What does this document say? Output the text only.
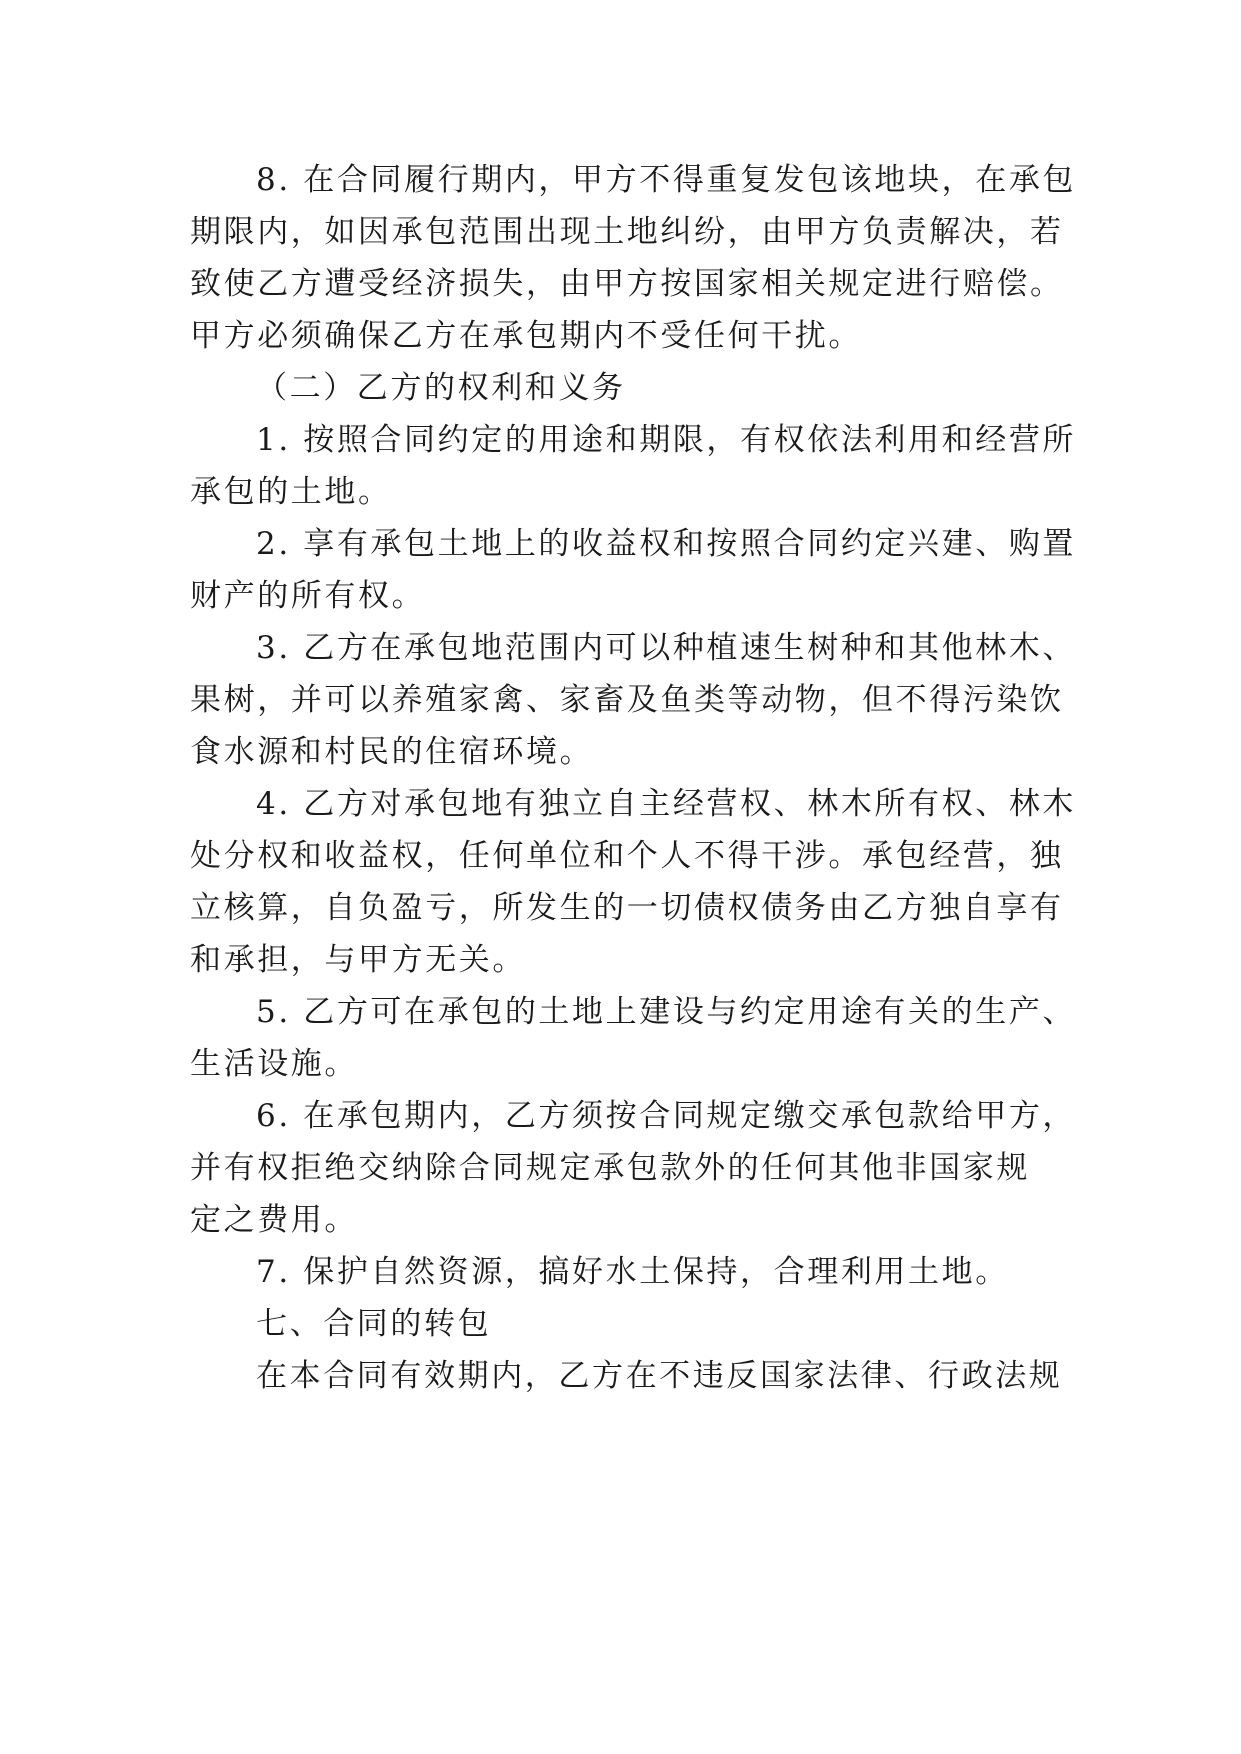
8. 在合同履行期内，甲方不得重复发包该地块，在承包
期限内，如因承包范围出现土地纠纷，由甲方负责解决，若
致使乙方遭受经济损失，由甲方按国家相关规定进行赔偿。
甲方必须确保乙方在承包期内不受任何干扰。
（二）乙方的权利和义务
1. 按照合同约定的用途和期限，有权依法利用和经营所
承包的土地。
2. 享有承包土地上的收益权和按照合同约定兴建、购置
财产的所有权。
3. 乙方在承包地范围内可以种植速生树种和其他林木、
果树，并可以养殖家禽、家畜及鱼类等动物，但不得污染饮
食水源和村民的住宿环境。
4. 乙方对承包地有独立自主经营权、林木所有权、林木
处分权和收益权，任何单位和个人不得干涉。承包经营，独
立核算，自负盈亏，所发生的一切债权债务由乙方独自享有
和承担，与甲方无关。
5. 乙方可在承包的土地上建设与约定用途有关的生产、
生活设施。
6. 在承包期内，乙方须按合同规定缴交承包款给甲方，
并有权拒绝交纳除合同规定承包款外的任何其他非国家规
定之费用。
7. 保护自然资源，搞好水土保持，合理利用土地。
七、合同的转包
在本合同有效期内，乙方在不违反国家法律、行政法规
